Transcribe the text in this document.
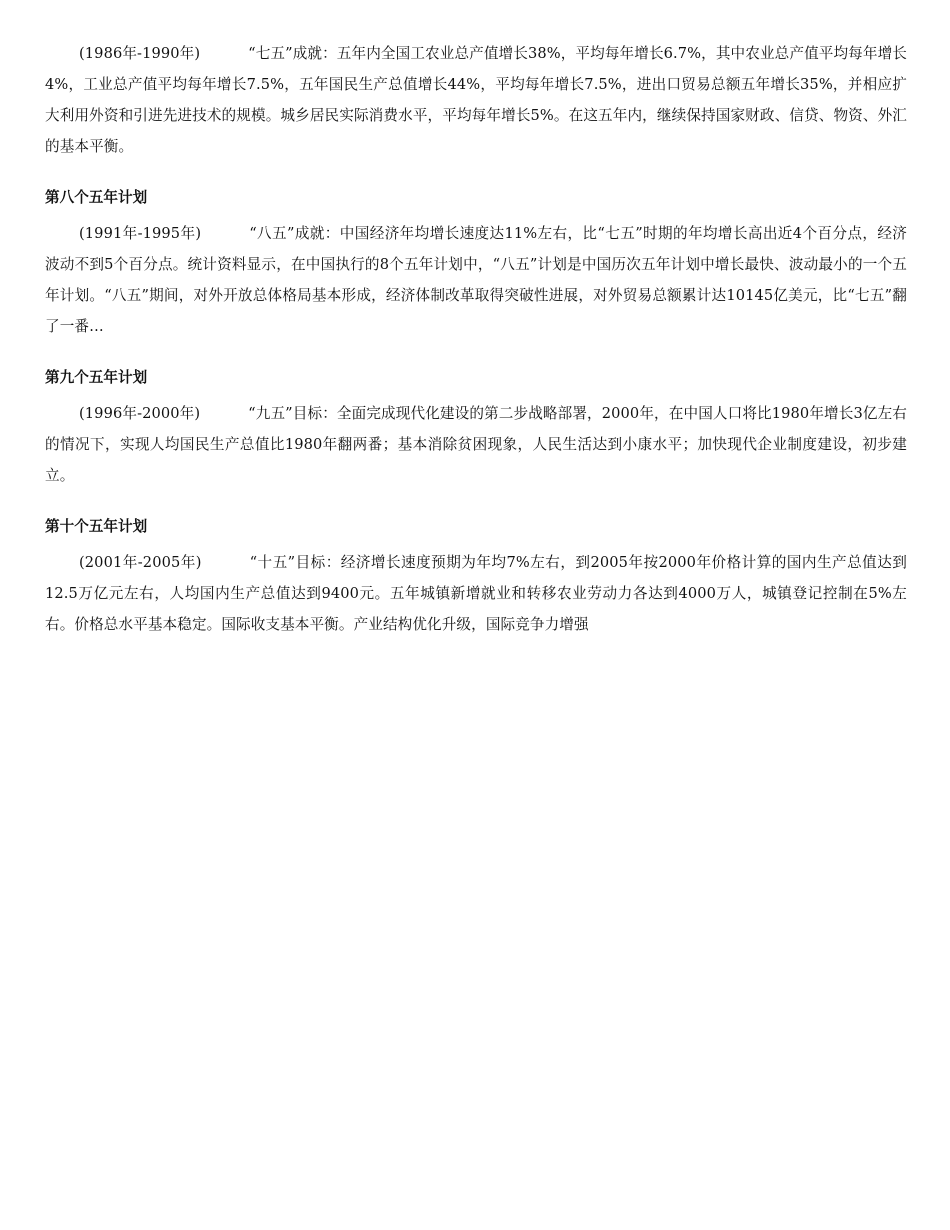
(1986年-1990年)	“七五”成就：五年内全国工农业总产值增长38%，平均每年增长6.7%，其中农业总产值平均每年增长4%，工业总产值平均每年增长7.5%，五年国民生产总值增长44%，平均每年增长7.5%，进出口贸易总额五年增长35%，并相应扩大利用外资和引进先进技术的规模。城乡居民实际消费水平，平均每年增长5%。在这五年内，继续保持国家财政、信贷、物资、外汇的基本平衡。

第八个五年计划

(1991年-1995年)	“八五”成就：中国经济年均增长速度达11%左右，比“七五”时期的年均增长高出近4个百分点，经济波动不到5个百分点。统计资料显示，在中国执行的8个五年计划中，“八五”计划是中国历次五年计划中增长最快、波动最小的一个五年计划。“八五”期间，对外开放总体格局基本形成，经济体制改革取得突破性进展，对外贸易总额累计达10145亿美元，比“七五”翻了一番…

第九个五年计划

(1996年-2000年)	“九五”目标：全面完成现代化建设的第二步战略部署，2000年，在中国人口将比1980年增长3亿左右的情况下，实现人均国民生产总值比1980年翻两番；基本消除贫困现象，人民生活达到小康水平；加快现代企业制度建设，初步建立。

第十个五年计划

(2001年-2005年)	“十五”目标：经济增长速度预期为年均7%左右，到2005年按2000年价格计算的国内生产总值达到12.5万亿元左右，人均国内生产总值达到9400元。五年城镇新增就业和转移农业劳动力各达到4000万人，城镇登记控制在5%左右。价格总水平基本稳定。国际收支基本平衡。产业结构优化升级，国际竞争力增强
